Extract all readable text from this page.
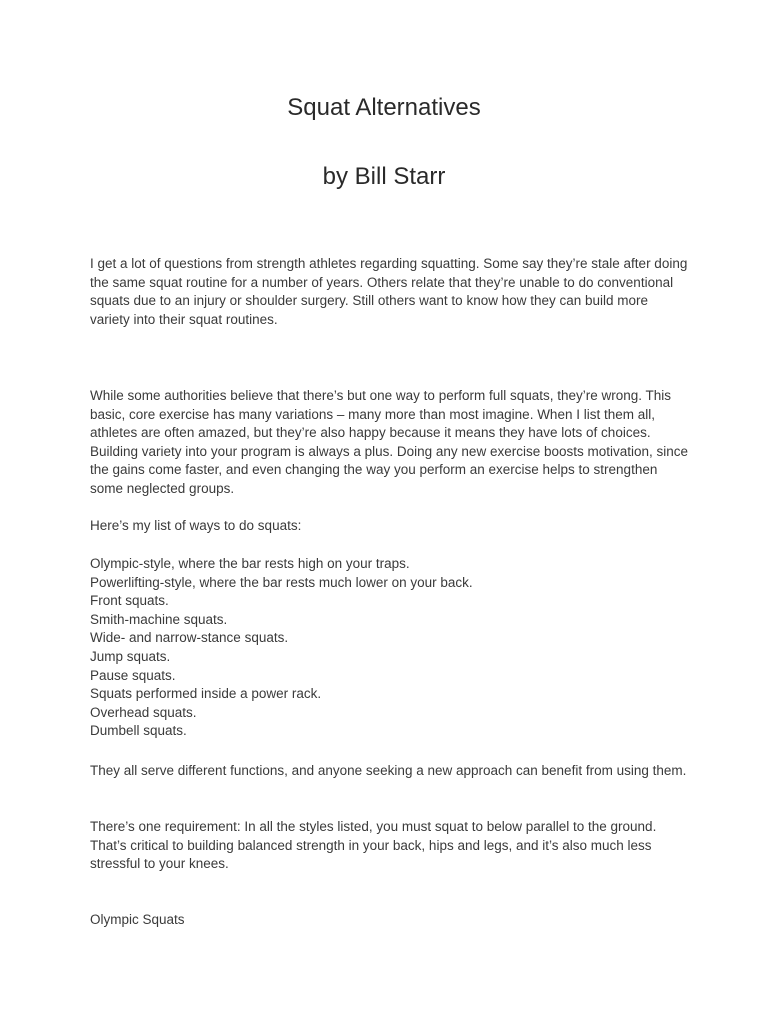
Squat Alternatives
by Bill Starr

I get a lot of questions from strength athletes regarding squatting. Some say they’re stale after doing the same squat routine for a number of years. Others relate that they’re unable to do conventional squats due to an injury or shoulder surgery. Still others want to know how they can build more variety into their squat routines.

While some authorities believe that there’s but one way to perform full squats, they’re wrong. This basic, core exercise has many variations – many more than most imagine. When I list them all, athletes are often amazed, but they’re also happy because it means they have lots of choices. Building variety into your program is always a plus. Doing any new exercise boosts motivation, since the gains come faster, and even changing the way you perform an exercise helps to strengthen some neglected groups.

Here’s my list of ways to do squats:

Olympic-style, where the bar rests high on your traps.
Powerlifting-style, where the bar rests much lower on your back.
Front squats.
Smith-machine squats.
Wide- and narrow-stance squats.
Jump squats.
Pause squats.
Squats performed inside a power rack.
Overhead squats.
Dumbell squats.

They all serve different functions, and anyone seeking a new approach can benefit from using them.

There’s one requirement: In all the styles listed, you must squat to below parallel to the ground. That’s critical to building balanced strength in your back, hips and legs, and it’s also much less stressful to your knees.

Olympic Squats
